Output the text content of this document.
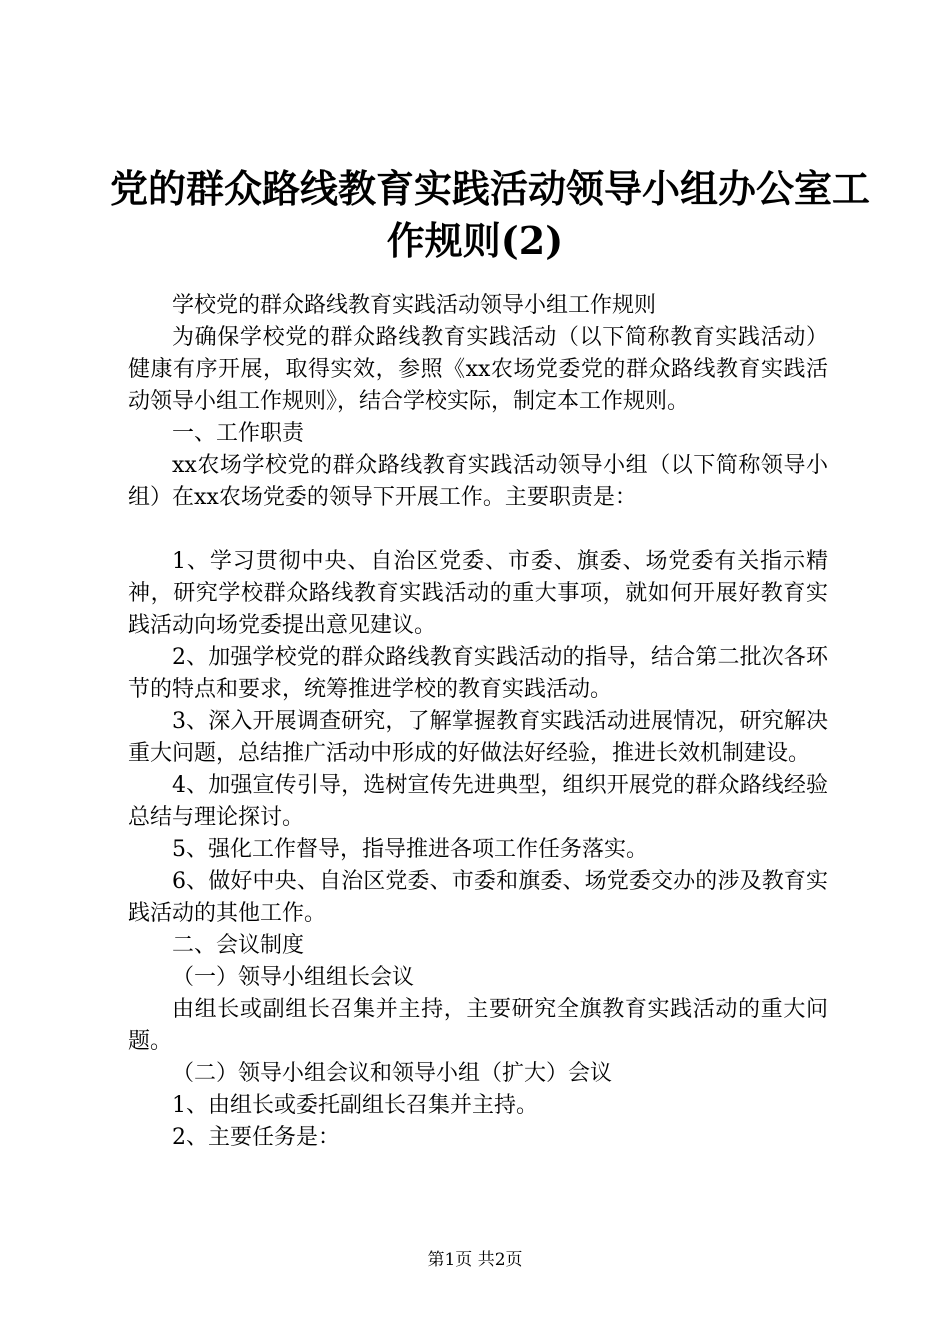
党的群众路线教育实践活动领导小组办公室工
作规则(2)

学校党的群众路线教育实践活动领导小组工作规则

为确保学校党的群众路线教育实践活动（以下简称教育实践活动）健康有序开展，取得实效，参照《xx农场党委党的群众路线教育实践活动领导小组工作规则》，结合学校实际，制定本工作规则。

一、工作职责

xx农场学校党的群众路线教育实践活动领导小组（以下简称领导小组）在xx农场党委的领导下开展工作。主要职责是：

1、学习贯彻中央、自治区党委、市委、旗委、场党委有关指示精神，研究学校群众路线教育实践活动的重大事项，就如何开展好教育实践活动向场党委提出意见建议。

2、加强学校党的群众路线教育实践活动的指导，结合第二批次各环节的特点和要求，统筹推进学校的教育实践活动。

3、深入开展调查研究，了解掌握教育实践活动进展情况，研究解决重大问题，总结推广活动中形成的好做法好经验，推进长效机制建设。

4、加强宣传引导，选树宣传先进典型，组织开展党的群众路线经验总结与理论探讨。

5、强化工作督导，指导推进各项工作任务落实。

6、做好中央、自治区党委、市委和旗委、场党委交办的涉及教育实践活动的其他工作。

二、会议制度

（一）领导小组组长会议

由组长或副组长召集并主持，主要研究全旗教育实践活动的重大问题。

（二）领导小组会议和领导小组（扩大）会议

1、由组长或委托副组长召集并主持。

2、主要任务是：

第1页 共2页
